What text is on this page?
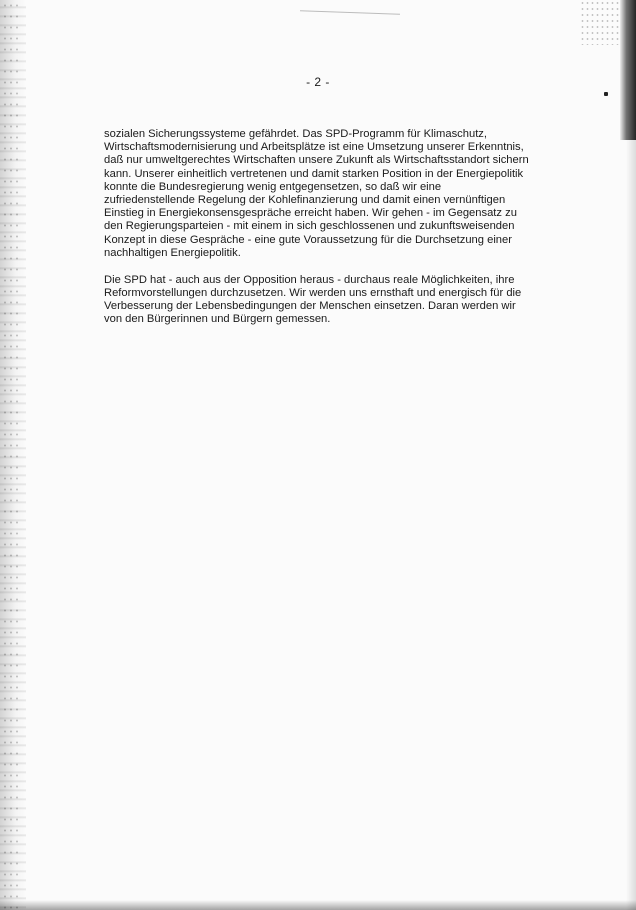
- 2 -

sozialen Sicherungssysteme gefährdet. Das SPD-Programm für Klimaschutz,
Wirtschaftsmodernisierung und Arbeitsplätze ist eine Umsetzung unserer Erkenntnis,
daß nur umweltgerechtes Wirtschaften unsere Zukunft als Wirtschaftsstandort sichern
kann. Unserer einheitlich vertretenen und damit starken Position in der Energiepolitik
konnte die Bundesregierung wenig entgegensetzen, so daß wir eine
zufriedenstellende Regelung der Kohlefinanzierung und damit einen vernünftigen
Einstieg in Energiekonsensgespräche erreicht haben. Wir gehen - im Gegensatz zu
den Regierungsparteien - mit einem in sich geschlossenen und zukunftsweisenden
Konzept in diese Gespräche - eine gute Voraussetzung für die Durchsetzung einer
nachhaltigen Energiepolitik.

Die SPD hat - auch aus der Opposition heraus - durchaus reale Möglichkeiten, ihre
Reformvorstellungen durchzusetzen. Wir werden uns ernsthaft und energisch für die
Verbesserung der Lebensbedingungen der Menschen einsetzen. Daran werden wir
von den Bürgerinnen und Bürgern gemessen.
